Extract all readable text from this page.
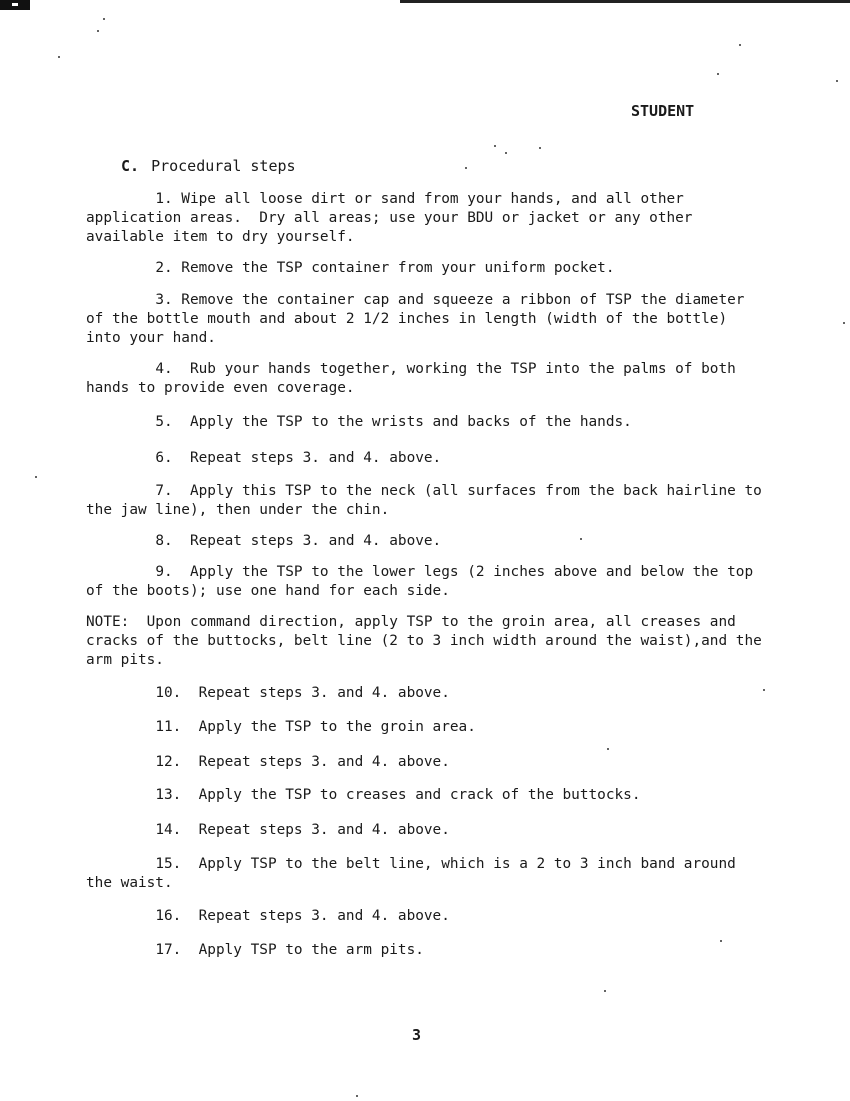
STUDENT
C. Procedural steps

1. Wipe all loose dirt or sand from your hands, and all other
application areas.  Dry all areas; use your BDU or jacket or any other
available item to dry yourself.

2. Remove the TSP container from your uniform pocket.

3. Remove the container cap and squeeze a ribbon of TSP the diameter
of the bottle mouth and about 2 1/2 inches in length (width of the bottle)
into your hand.

4.  Rub your hands together, working the TSP into the palms of both
hands to provide even coverage.

5.  Apply the TSP to the wrists and backs of the hands.

6.  Repeat steps 3. and 4. above.

7.  Apply this TSP to the neck (all surfaces from the back hairline to
the jaw line), then under the chin.

8.  Repeat steps 3. and 4. above.

9.  Apply the TSP to the lower legs (2 inches above and below the top
of the boots); use one hand for each side.

NOTE:  Upon command direction, apply TSP to the groin area, all creases and
cracks of the buttocks, belt line (2 to 3 inch width around the waist),and the
arm pits.

10.  Repeat steps 3. and 4. above.

11.  Apply the TSP to the groin area.

12.  Repeat steps 3. and 4. above.

13.  Apply the TSP to creases and crack of the buttocks.

14.  Repeat steps 3. and 4. above.

15.  Apply TSP to the belt line, which is a 2 to 3 inch band around
the waist.

16.  Repeat steps 3. and 4. above.

17.  Apply TSP to the arm pits.

3
